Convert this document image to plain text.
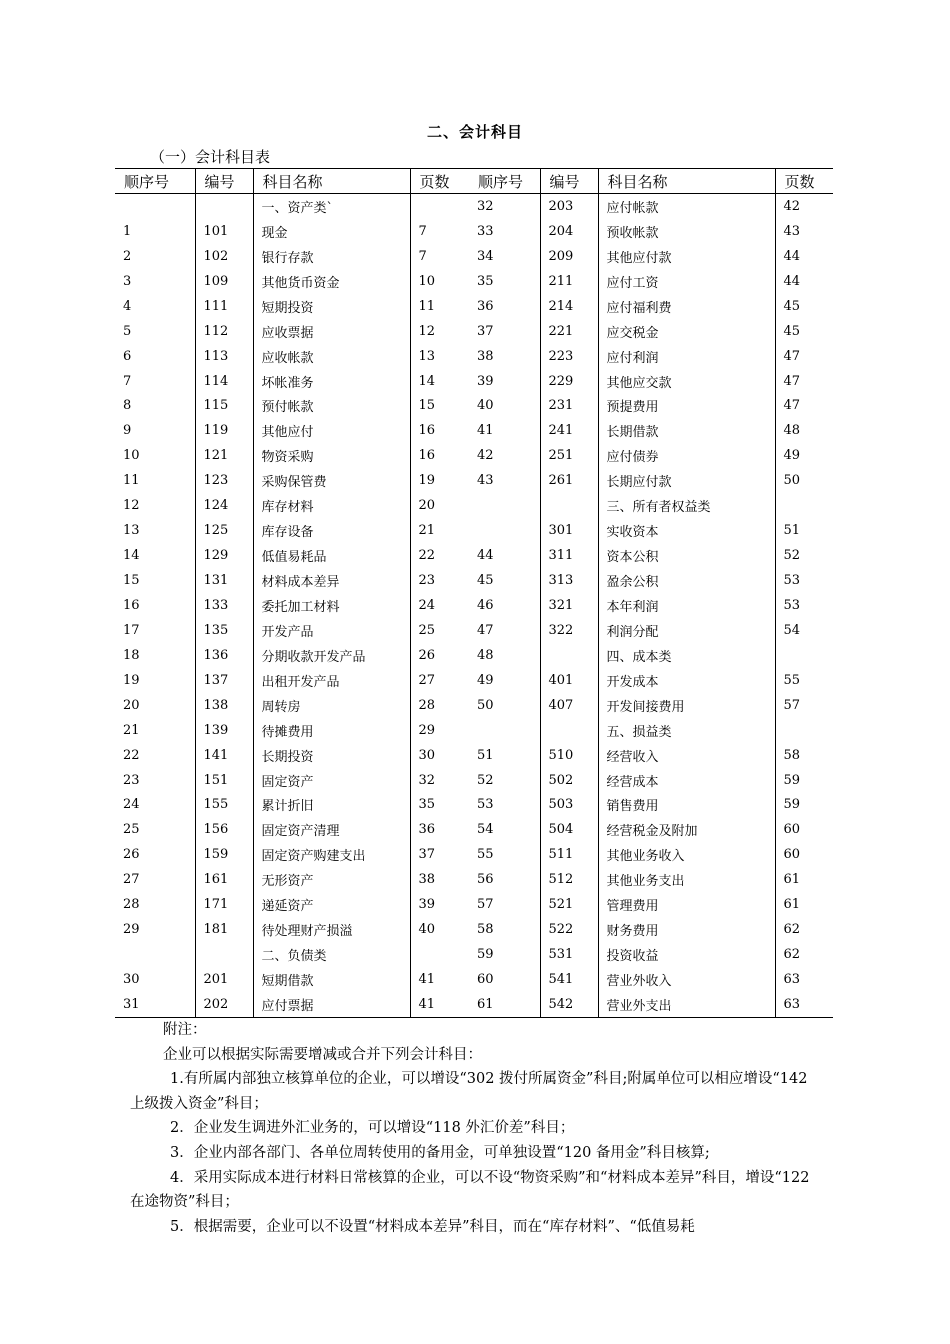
二、会计科目
（一）会计科目表
顺序号	编号	科目名称	页数	顺序号	编号	科目名称	页数
		一、资产类`		32	203	应付帐款	42
1	101	现金	7	33	204	预收帐款	43
2	102	银行存款	7	34	209	其他应付款	44
3	109	其他货币资金	10	35	211	应付工资	44
4	111	短期投资	11	36	214	应付福利费	45
5	112	应收票据	12	37	221	应交税金	45
6	113	应收帐款	13	38	223	应付利润	47
7	114	坏帐准务	14	39	229	其他应交款	47
8	115	预付帐款	15	40	231	预提费用	47
9	119	其他应付	16	41	241	长期借款	48
10	121	物资采购	16	42	251	应付债券	49
11	123	采购保管费	19	43	261	长期应付款	50
12	124	库存材料	20			三、所有者权益类	
13	125	库存设备	21		301	实收资本	51
14	129	低值易耗品	22	44	311	资本公积	52
15	131	材料成本差异	23	45	313	盈余公积	53
16	133	委托加工材料	24	46	321	本年利润	53
17	135	开发产品	25	47	322	利润分配	54
18	136	分期收款开发产品	26	48		四、成本类	
19	137	出租开发产品	27	49	401	开发成本	55
20	138	周转房	28	50	407	开发间接费用	57
21	139	待摊费用	29			五、损益类	
22	141	长期投资	30	51	510	经营收入	58
23	151	固定资产	32	52	502	经营成本	59
24	155	累计折旧	35	53	503	销售费用	59
25	156	固定资产清理	36	54	504	经营税金及附加	60
26	159	固定资产购建支出	37	55	511	其他业务收入	60
27	161	无形资产	38	56	512	其他业务支出	61
28	171	递延资产	39	57	521	管理费用	61
29	181	待处理财产损溢	40	58	522	财务费用	62
		二、负债类		59	531	投资收益	62
30	201	短期借款	41	60	541	营业外收入	63
31	202	应付票据	41	61	542	营业外支出	63

附注：

企业可以根据实际需要增减或合并下列会计科目：

1.有所属内部独立核算单位的企业，可以增设“302 拨付所属资金”科目;附属单位可以相应增设“142 上级拨入资金”科目；

2．企业发生调进外汇业务的，可以增设“118 外汇价差”科目；

3．企业内部各部门、各单位周转使用的备用金，可单独设置“120 备用金”科目核算;

4．采用实际成本进行材料日常核算的企业，可以不设“物资采购”和“材料成本差异”科目，增设“122 在途物资”科目；

5．根据需要，企业可以不设置“材料成本差异”科目，而在“库存材料”、“低值易耗
